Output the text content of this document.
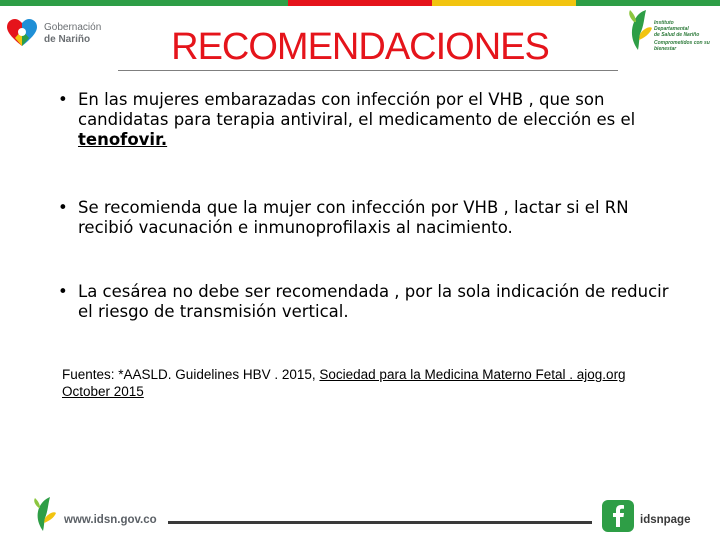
Gobernación
de Nariño
Instituto
Departamental
de Salud de Nariño
Comprometidos con su bienestar
RECOMENDACIONES
• En las mujeres embarazadas con infección por el VHB , que son candidatas para terapia antiviral, el medicamento de elección es el tenofovir.
• Se recomienda que la mujer con infección por VHB , lactar si el RN recibió vacunación e inmunoprofilaxis al nacimiento.
• La cesárea no debe ser recomendada , por la sola indicación de reducir el riesgo de transmisión vertical.
Fuentes: *AASLD. Guidelines HBV . 2015, Sociedad para la Medicina Materno Fetal . ajog.org October 2015
www.idsn.gov.co	idsnpage
